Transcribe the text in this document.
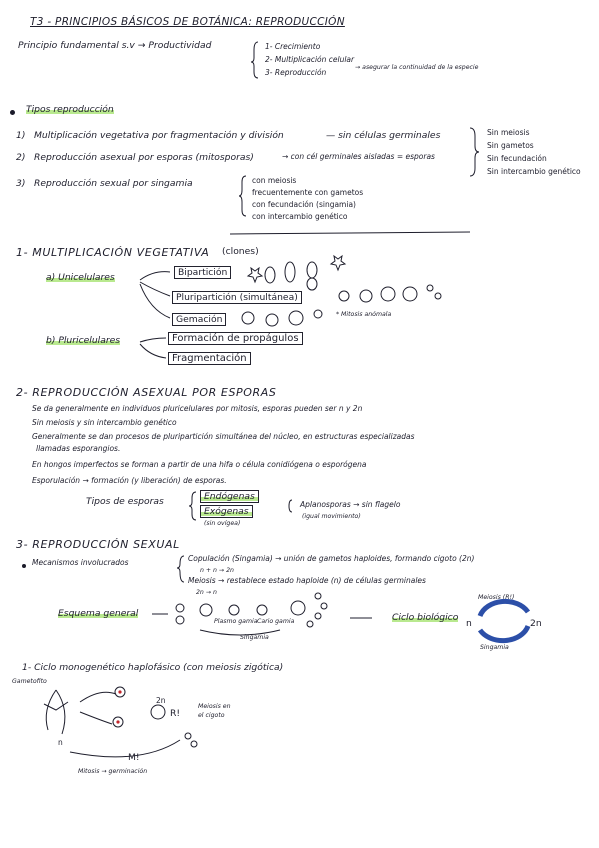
T3 - PRINCIPIOS BÁSICOS DE BOTÁNICA: REPRODUCCIÓN
Principio fundamental s.v → Productividad	1- Crecimiento
2- Multiplicación celular
3- Reproducción
→ asegurar la continuidad de la especie
Tipos reproducción
1) Multiplicación vegetativa por fragmentación y división	— sin células germinales
2) Reproducción asexual por esporas (mitosporas)	→ con cél germinales aisladas = esporas
3) Reproducción sexual por singamia	con meiosis
frecuentemente con gametos
con fecundación (singamia)
con intercambio genético
Sin meiosis
Sin gametos
Sin fecundación
Sin intercambio genético
1- MULTIPLICACIÓN VEGETATIVA (clones)
a) Unicelulares	Bipartición
Pluripartición (simultánea)
Gemación	* Mitosis anómala
b) Pluricelulares	Formación de propágulos
Fragmentación
2- REPRODUCCIÓN ASEXUAL POR ESPORAS
Se da generalmente en individuos pluricelulares por mitosis, esporas pueden ser n y 2n
Sin meiosis y sin intercambio genético
Generalmente se dan procesos de pluripartición simultánea del núcleo, en estructuras especializadas
llamadas esporangios.
En hongos imperfectos se forman a partir de una hifa o célula conidiógena o esporógena
Esporulación → formación (y liberación) de esporas.
Tipos de esporas	Endógenas
Exógenas
(sin ovígea)
Aplanosporas → sin flagelo
(igual movimiento)
3- REPRODUCCIÓN SEXUAL
Mecanismos involucrados	Copulación (Singamia) → unión de gametos haploides, formando cigoto (2n)
n + n → 2n
Meiosis → restablece estado haploide (n) de células germinales
2n → n
Esquema general
Plasmo gamia Cario gamia
Singamia
Ciclo biológico
Meiosis (R!)
n	2n
Singamia
1- Ciclo monogenético haplofásico (con meiosis zigótica)
Gametofito
n
2n
R!
Meiosis en
el cigoto
M!
Mitosis → germinación
